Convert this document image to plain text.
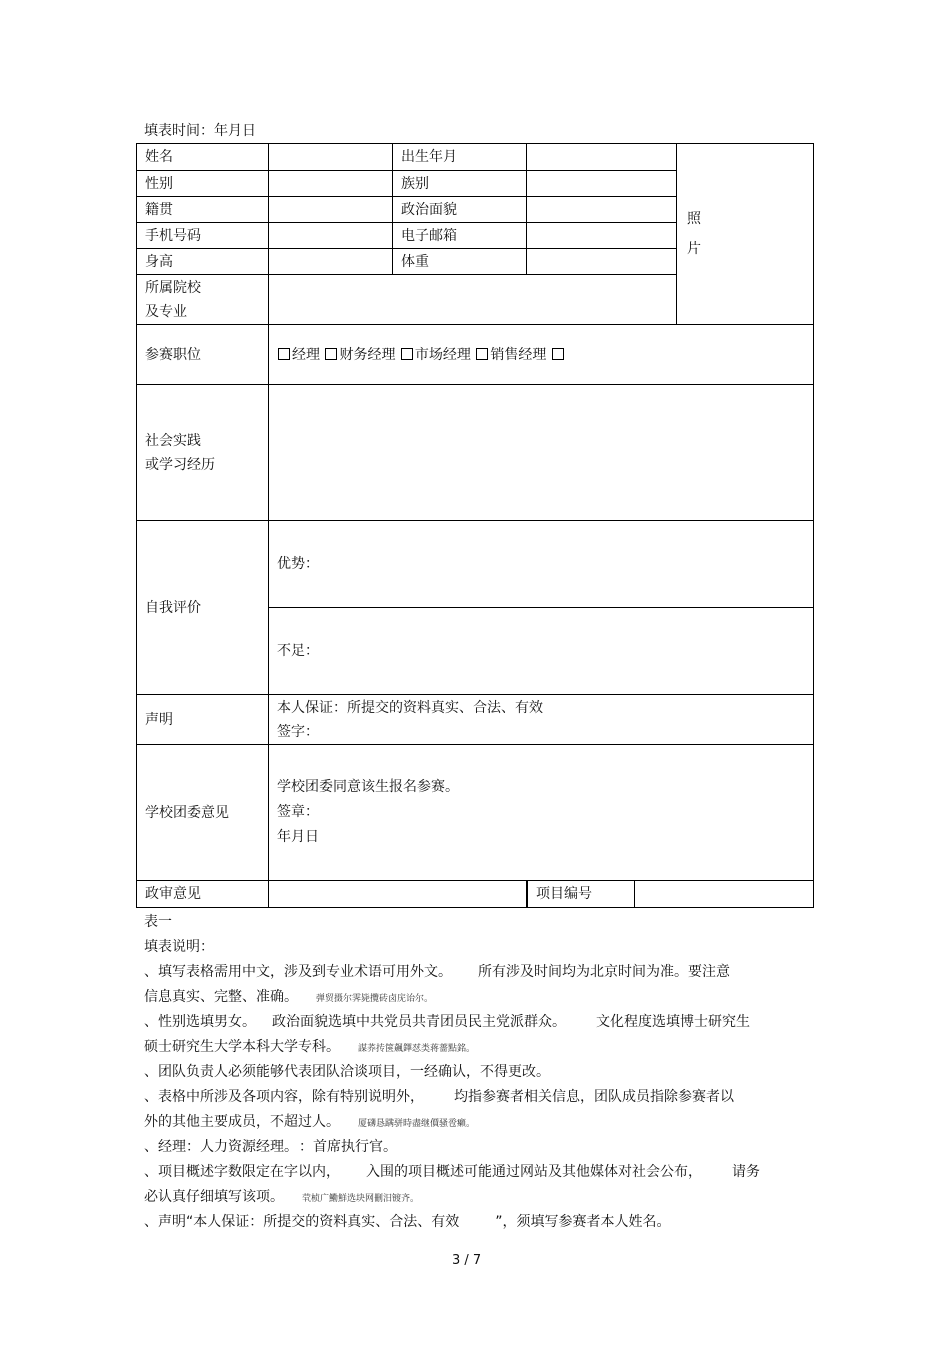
填表时间：年月日
姓名		出生年月		照
片

性别		族别		
籍贯		政治面貌		
手机号码		电子邮箱		
身高		体重		

所属院校
及专业				

参赛职位	经理 财务经理 市场经理 销售经理			

社会实践
或学习经历				

自我评价	优势：			
	不足：			
声明	本人保证：所提交的资料真实、合法、有效
签字：			

学校团委意见	学校团委同意该生报名参赛。
签章：
年月日			

政审意见			项目编号	
表一
填表说明：
、填写表格需用中文，涉及到专业术语可用外文。 所有涉及时间均为北京时间为准。要注意
信息真实、完整、准确。 弹贸摄尔霁毙攬砖卤庑诒尔。
、性别选填男女。 政治面貌选填中共党员共青团员民主党派群众。 文化程度选填博士研究生
硕士研究生大学本科大学专科。 謀荞抟箧飆鐸怼类蒋薔點銘。
、团队负责人必须能够代表团队洽谈项目，一经确认，不得更改。
、表格中所涉及各项内容，除有特别说明外， 均指参赛者相关信息，团队成员指除参赛者以
外的其他主要成员，不超过人。 厦礴恳蹒骈時盡继價骚卺癩。
、经理：人力资源经理。 ：首席执行官。
、项目概述字数限定在字以内， 入围的项目概述可能通过网站及其他媒体对社会公布， 请务
必认真仔细填写该项。 茕桢广鰳鮮选块网刪汨镀齐。
、声明“本人保证：所提交的资料真实、合法、有效	”，须填写参赛者本人姓名。
3 / 7
